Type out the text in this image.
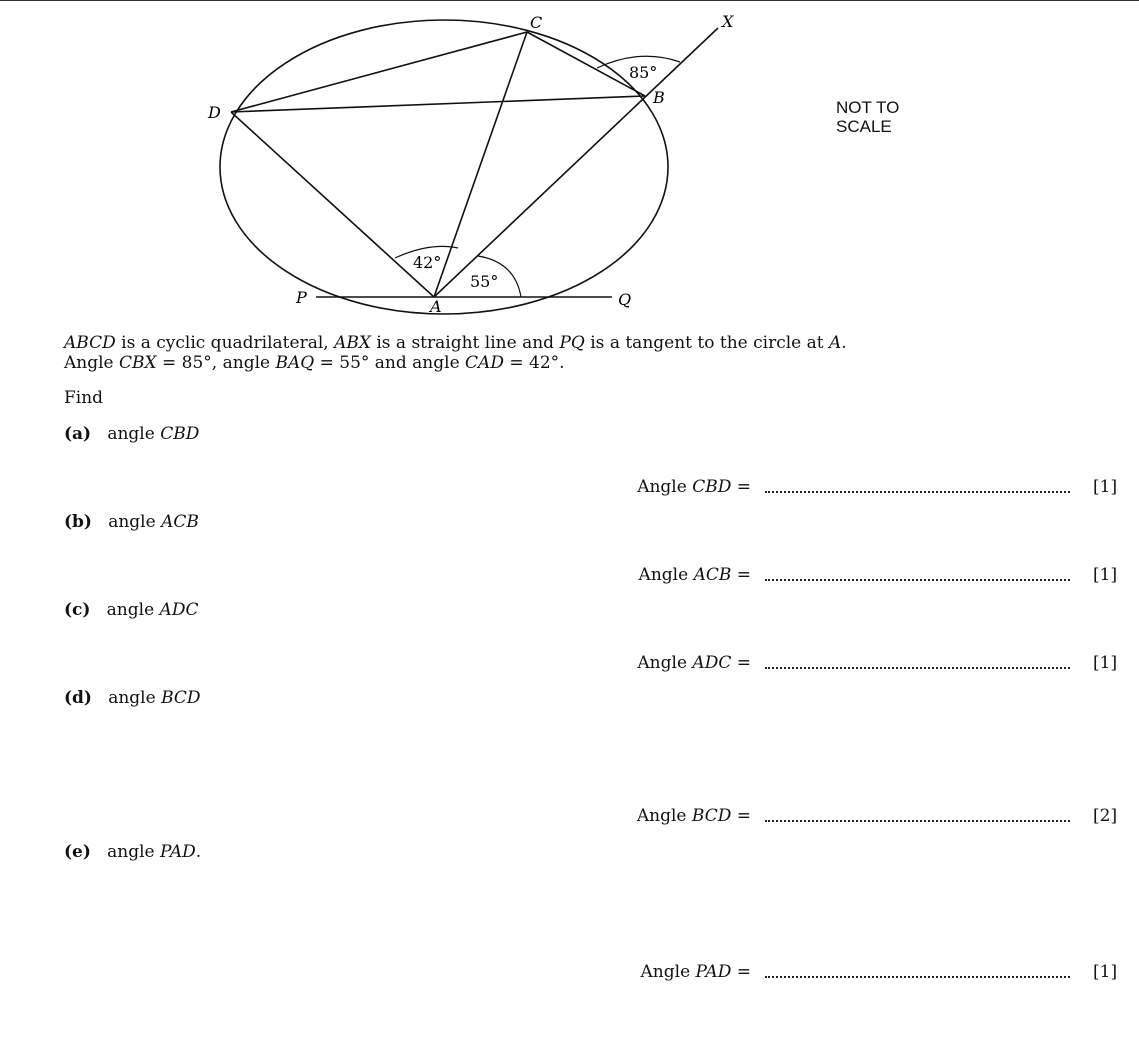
85°
42°
55°
C	X
B
D
P	A	Q
NOT TO
SCALE
ABCD is a cyclic quadrilateral, ABX is a straight line and PQ is a tangent to the circle at A.
Angle CBX = 85°, angle BAQ = 55° and angle CAD = 42°.
Find
(a) angle CBD
Angle CBD =	[1]
(b) angle ACB
Angle ACB =	[1]
(c) angle ADC
Angle ADC =	[1]
(d) angle BCD
Angle BCD =	[2]
(e) angle PAD.
Angle PAD =	[1]
